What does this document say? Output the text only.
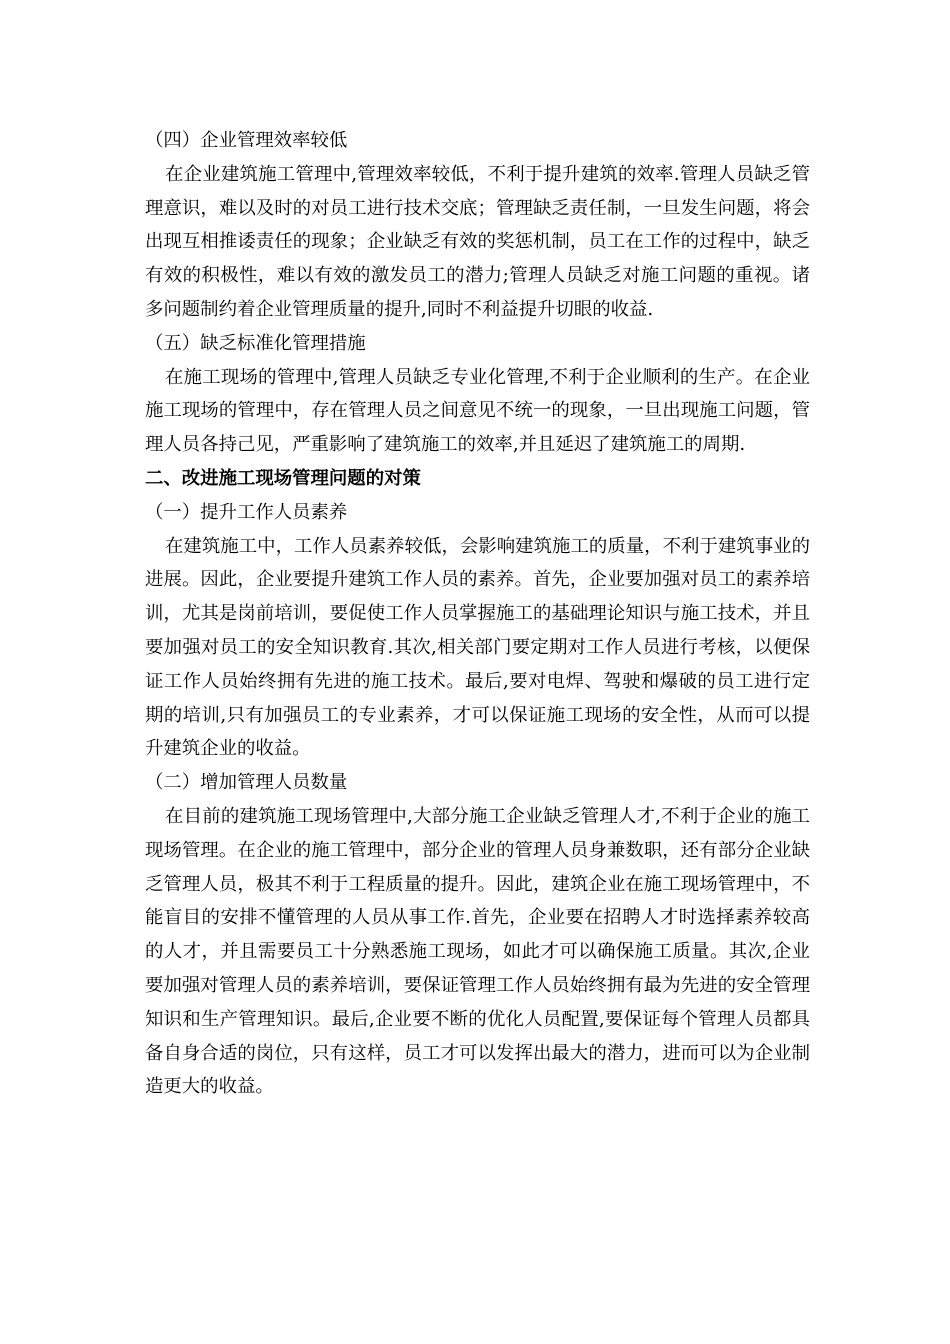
（四）企业管理效率较低

在企业建筑施工管理中,管理效率较低，不利于提升建筑的效率.管理人员缺乏管理意识，难以及时的对员工进行技术交底；管理缺乏责任制，一旦发生问题，将会出现互相推诿责任的现象；企业缺乏有效的奖惩机制，员工在工作的过程中，缺乏有效的积极性，难以有效的激发员工的潜力;管理人员缺乏对施工问题的重视。诸多问题制约着企业管理质量的提升,同时不利益提升切眼的收益.

（五）缺乏标准化管理措施

在施工现场的管理中,管理人员缺乏专业化管理,不利于企业顺利的生产。在企业施工现场的管理中，存在管理人员之间意见不统一的现象，一旦出现施工问题，管理人员各持己见，严重影响了建筑施工的效率,并且延迟了建筑施工的周期.

二、改进施工现场管理问题的对策

（一）提升工作人员素养

在建筑施工中，工作人员素养较低，会影响建筑施工的质量，不利于建筑事业的进展。因此，企业要提升建筑工作人员的素养。首先，企业要加强对员工的素养培训，尤其是岗前培训，要促使工作人员掌握施工的基础理论知识与施工技术，并且要加强对员工的安全知识教育.其次,相关部门要定期对工作人员进行考核，以便保证工作人员始终拥有先进的施工技术。最后,要对电焊、驾驶和爆破的员工进行定期的培训,只有加强员工的专业素养，才可以保证施工现场的安全性，从而可以提升建筑企业的收益。

（二）增加管理人员数量

在目前的建筑施工现场管理中,大部分施工企业缺乏管理人才,不利于企业的施工现场管理。在企业的施工管理中，部分企业的管理人员身兼数职，还有部分企业缺乏管理人员，极其不利于工程质量的提升。因此，建筑企业在施工现场管理中，不能盲目的安排不懂管理的人员从事工作.首先，企业要在招聘人才时选择素养较高的人才，并且需要员工十分熟悉施工现场，如此才可以确保施工质量。其次,企业要加强对管理人员的素养培训，要保证管理工作人员始终拥有最为先进的安全管理知识和生产管理知识。最后,企业要不断的优化人员配置,要保证每个管理人员都具备自身合适的岗位，只有这样，员工才可以发挥出最大的潜力，进而可以为企业制造更大的收益。
